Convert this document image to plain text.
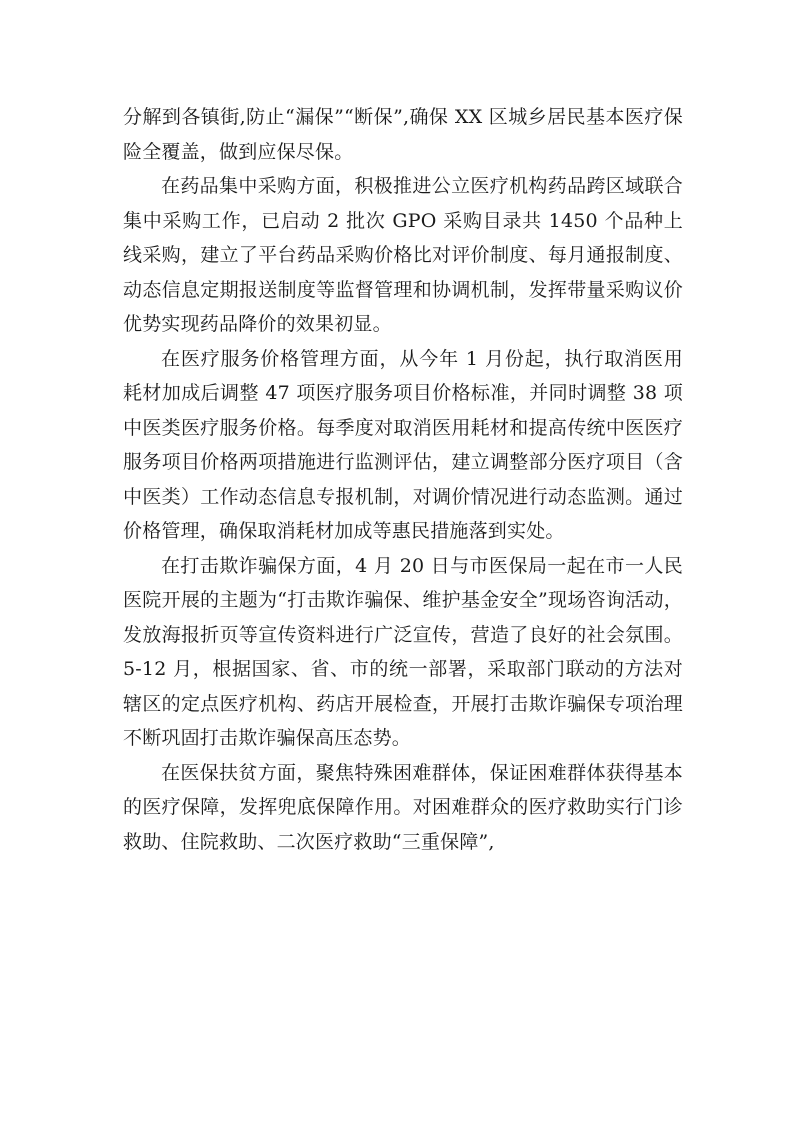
分解到各镇街,防止“漏保”“断保”,确保 XX 区城乡居民基本医疗保险全覆盖，做到应保尽保。

在药品集中采购方面，积极推进公立医疗机构药品跨区域联合集中采购工作，已启动 2 批次 GPO 采购目录共 1450 个品种上线采购，建立了平台药品采购价格比对评价制度、每月通报制度、动态信息定期报送制度等监督管理和协调机制，发挥带量采购议价优势实现药品降价的效果初显。

在医疗服务价格管理方面，从今年 1 月份起，执行取消医用耗材加成后调整 47 项医疗服务项目价格标准，并同时调整 38 项中医类医疗服务价格。每季度对取消医用耗材和提高传统中医医疗服务项目价格两项措施进行监测评估，建立调整部分医疗项目（含中医类）工作动态信息专报机制，对调价情况进行动态监测。通过价格管理，确保取消耗材加成等惠民措施落到实处。

在打击欺诈骗保方面，4 月 20 日与市医保局一起在市一人民医院开展的主题为“打击欺诈骗保、维护基金安全”现场咨询活动，发放海报折页等宣传资料进行广泛宣传，营造了良好的社会氛围。5-12 月，根据国家、省、市的统一部署，采取部门联动的方法对辖区的定点医疗机构、药店开展检查，开展打击欺诈骗保专项治理不断巩固打击欺诈骗保高压态势。

在医保扶贫方面，聚焦特殊困难群体，保证困难群体获得基本的医疗保障，发挥兜底保障作用。对困难群众的医疗救助实行门诊救助、住院救助、二次医疗救助“三重保障”,
